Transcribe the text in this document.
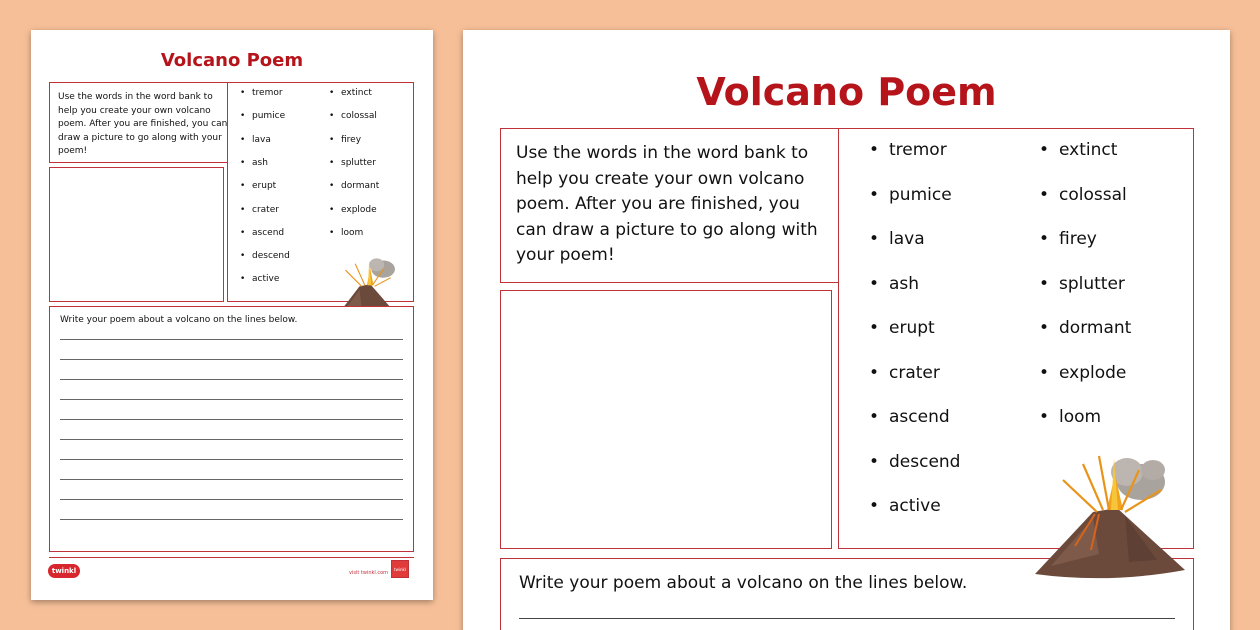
Volcano Poem
Use the words in the word bank to help you create your own volcano poem. After you are finished, you can draw a picture to go along with your poem!
• tremor
• pumice
• lava
• ash
• erupt
• crater
• ascend
• descend
• active
• extinct
• colossal
• firey
• splutter
• dormant
• explode
• loom
Write your poem about a volcano on the lines below.
twinkl	visit twinkl.com
twinkl
Volcano Poem
Use the words in the word bank to help you create your own volcano poem. After you are finished, you can draw a picture to go along with your poem!
• tremor
• pumice
• lava
• ash
• erupt
• crater
• ascend
• descend
• active
• extinct
• colossal
• firey
• splutter
• dormant
• explode
• loom
Write your poem about a volcano on the lines below.
